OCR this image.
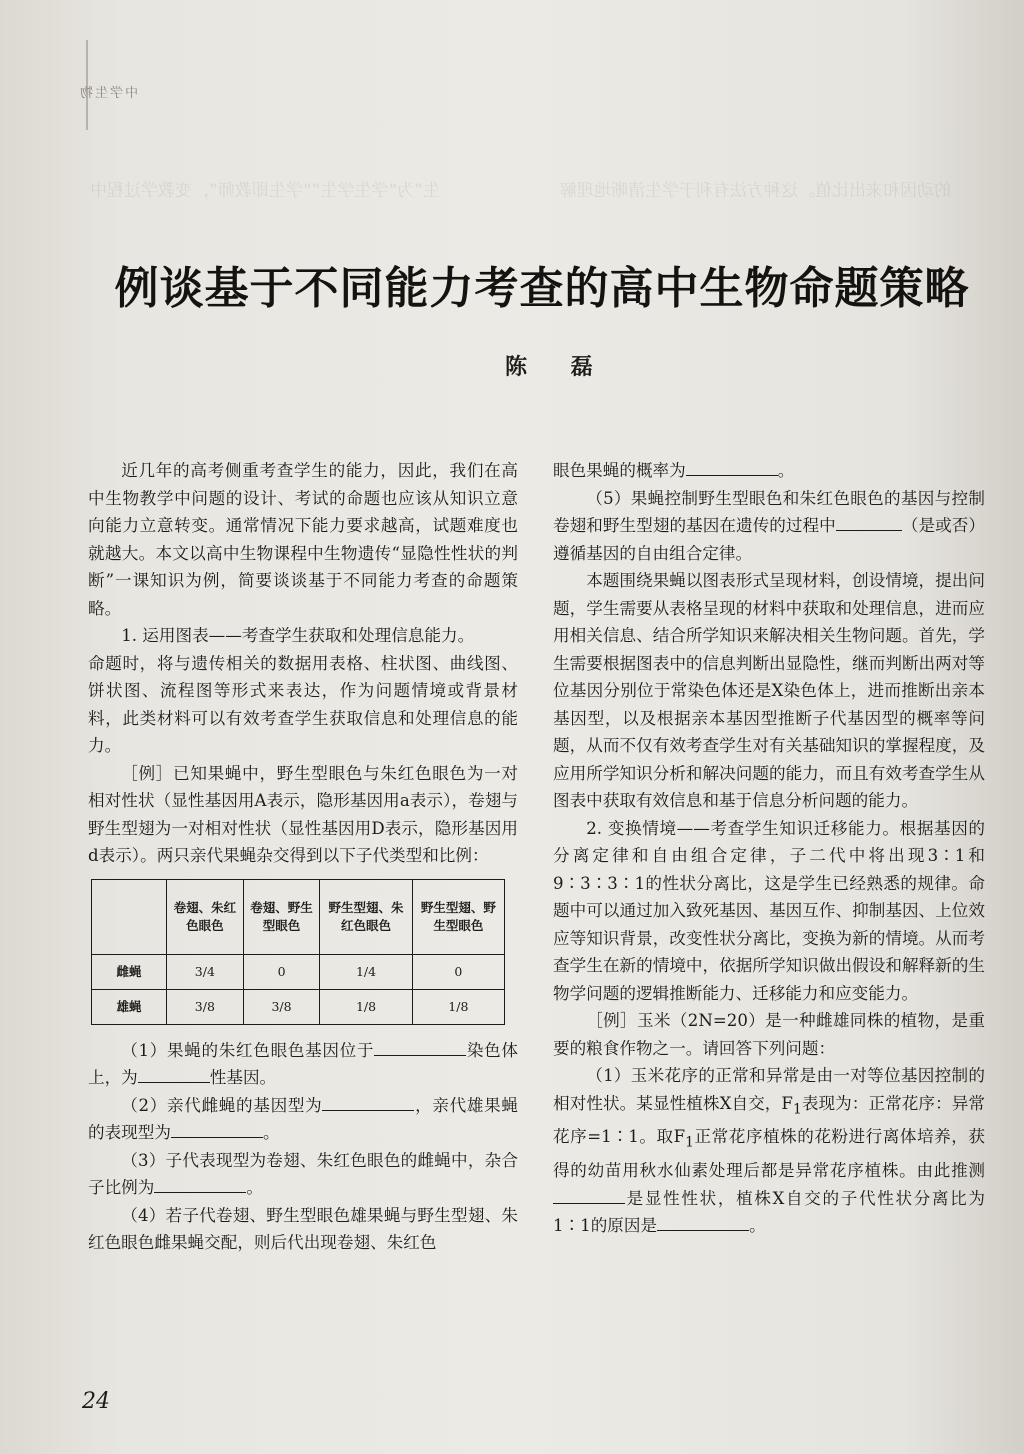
的动因和来出比值。这种方法有利于学生清晰地理解
生”为“学生学生”“学生即教师”，变教学过程中
中学生物
例谈基于不同能力考查的高中生物命题策略
陈 磊

近几年的高考侧重考查学生的能力，因此，我们在高中生物教学中问题的设计、考试的命题也应该从知识立意向能力立意转变。通常情况下能力要求越高，试题难度也就越大。本文以高中生物课程中生物遗传“显隐性性状的判断”一课知识为例，简要谈谈基于不同能力考查的命题策略。

1. 运用图表——考查学生获取和处理信息能力。

命题时，将与遗传相关的数据用表格、柱状图、曲线图、饼状图、流程图等形式来表达，作为问题情境或背景材料，此类材料可以有效考查学生获取信息和处理信息的能力。

［例］已知果蝇中，野生型眼色与朱红色眼色为一对相对性状（显性基因用A表示，隐形基因用a表示），卷翅与野生型翅为一对相对性状（显性基因用D表示，隐形基因用d表示）。两只亲代果蝇杂交得到以下子代类型和比例：

	卷翅、朱红色眼色	卷翅、野生型眼色	野生型翅、朱红色眼色	野生型翅、野生型眼色
雌蝇	3/4	0	1/4	0
雄蝇	3/8	3/8	1/8	1/8

（1）果蝇的朱红色眼色基因位于	染色体上，为	性基因。

（2）亲代雌蝇的基因型为	，亲代雄果蝇的表现型为	。

（3）子代表现型为卷翅、朱红色眼色的雌蝇中，杂合子比例为	。

（4）若子代卷翅、野生型眼色雄果蝇与野生型翅、朱红色眼色雌果蝇交配，则后代出现卷翅、朱红色

眼色果蝇的概率为	。

（5）果蝇控制野生型眼色和朱红色眼色的基因与控制卷翅和野生型翅的基因在遗传的过程中	（是或否）遵循基因的自由组合定律。

本题围绕果蝇以图表形式呈现材料，创设情境，提出问题，学生需要从表格呈现的材料中获取和处理信息，进而应用相关信息、结合所学知识来解决相关生物问题。首先，学生需要根据图表中的信息判断出显隐性，继而判断出两对等位基因分别位于常染色体还是X染色体上，进而推断出亲本基因型，以及根据亲本基因型推断子代基因型的概率等问题，从而不仅有效考查学生对有关基础知识的掌握程度，及应用所学知识分析和解决问题的能力，而且有效考查学生从图表中获取有效信息和基于信息分析问题的能力。

2. 变换情境——考查学生知识迁移能力。根据基因的分离定律和自由组合定律，子二代中将出现3∶1和9∶3∶3∶1的性状分离比，这是学生已经熟悉的规律。命题中可以通过加入致死基因、基因互作、抑制基因、上位效应等知识背景，改变性状分离比，变换为新的情境。从而考查学生在新的情境中，依据所学知识做出假设和解释新的生物学问题的逻辑推断能力、迁移能力和应变能力。

［例］玉米（2N=20）是一种雌雄同株的植物，是重要的粮食作物之一。请回答下列问题：

（1）玉米花序的正常和异常是由一对等位基因控制的相对性状。某显性植株X自交，$F_1$表现为：正常花序：异常花序=1∶1。取$F_1$正常花序植株的花粉进行离体培养，获得的幼苗用秋水仙素处理后都是异常花序植株。由此推测是显性性状，植株X自交的子代性状分离比为1∶1的原因是	。

24
